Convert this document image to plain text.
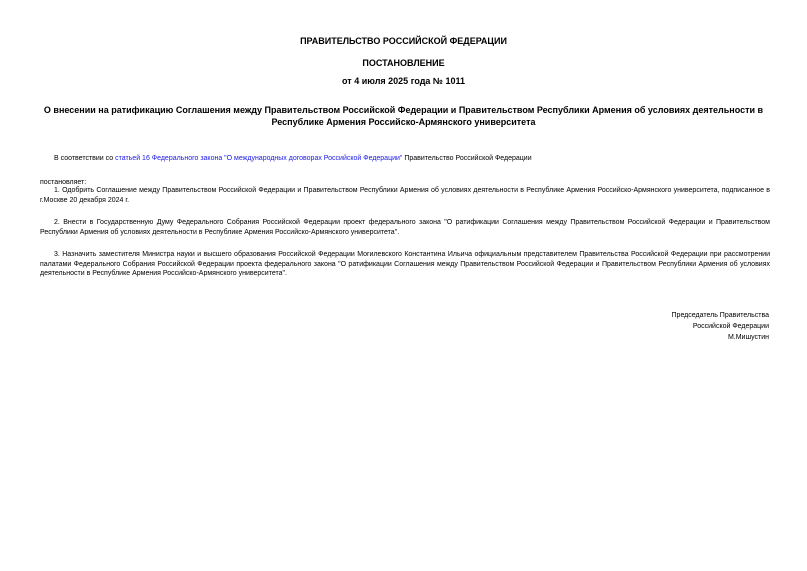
ПРАВИТЕЛЬСТВО РОССИЙСКОЙ ФЕДЕРАЦИИ

ПОСТАНОВЛЕНИЕ

от 4 июля 2025 года № 1011

О внесении на ратификацию Соглашения между Правительством Российской Федерации и Правительством Республики Армения об условиях деятельности в Республике Армения Российско-Армянского университета

В соответствии со статьей 16 Федерального закона "О международных договорах Российской Федерации" Правительство Российской Федерации

постановляет:

1. Одобрить Соглашение между Правительством Российской Федерации и Правительством Республики Армения об условиях деятельности в Республике Армения Российско-Армянского университета, подписанное в г.Москве 20 декабря 2024 г.

2. Внести в Государственную Думу Федерального Собрания Российской Федерации проект федерального закона "О ратификации Соглашения между Правительством Российской Федерации и Правительством Республики Армения об условиях деятельности в Республике Армения Российско-Армянского университета".

3. Назначить заместителя Министра науки и высшего образования Российской Федерации Могилевского Константина Ильича официальным представителем Правительства Российской Федерации при рассмотрении палатами Федерального Собрания Российской Федерации проекта федерального закона "О ратификации Соглашения между Правительством Российской Федерации и Правительством Республики Армения об условиях деятельности в Республике Армения Российско-Армянского университета".

Председатель Правительства
Российской Федерации
М.Мишустин
